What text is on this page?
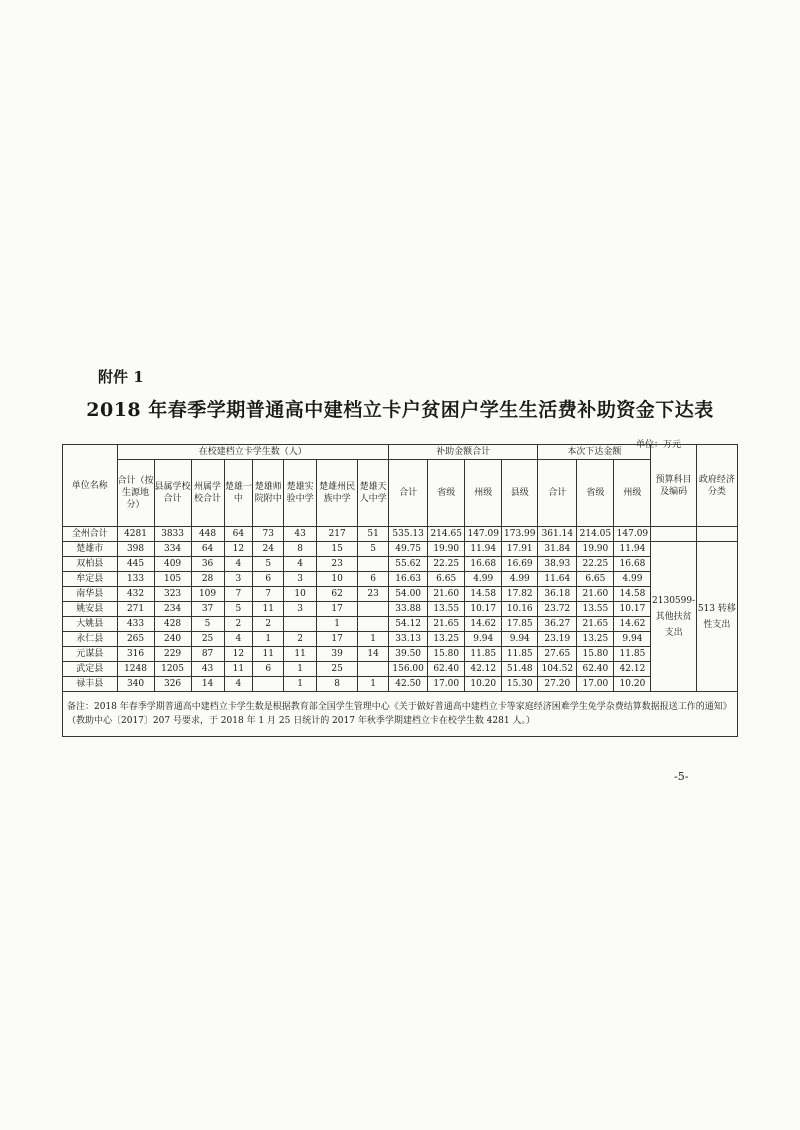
附件 1
2018 年春季学期普通高中建档立卡户贫困户学生生活费补助资金下达表
单位：万元
单位名称	在校建档立卡学生数（人）								补助金额合计				本次下达金额			预算科目及编码	政府经济分类
	合计（按生源地分）	县属学校合计	州属学校合计	楚雄一中	楚雄师院附中	楚雄实验中学	楚雄州民族中学	楚雄天人中学	合计	省级	州级	县级	合计	省级	州级		
全州合计	4281	3833	448	64	73	43	217	51	535.13	214.65	147.09	173.99	361.14	214.05	147.09		
楚雄市	398	334	64	12	24	8	15	5	49.75	19.90	11.94	17.91	31.84	19.90	11.94	2130599-其他扶贫支出	513 转移性支出
双柏县	445	409	36	4	5	4	23		55.62	22.25	16.68	16.69	38.93	22.25	16.68		
牟定县	133	105	28	3	6	3	10	6	16.63	6.65	4.99	4.99	11.64	6.65	4.99		
南华县	432	323	109	7	7	10	62	23	54.00	21.60	14.58	17.82	36.18	21.60	14.58		
姚安县	271	234	37	5	11	3	17		33.88	13.55	10.17	10.16	23.72	13.55	10.17		
大姚县	433	428	5	2	2		1		54.12	21.65	14.62	17.85	36.27	21.65	14.62		
永仁县	265	240	25	4	1	2	17	1	33.13	13.25	9.94	9.94	23.19	13.25	9.94		
元谋县	316	229	87	12	11	11	39	14	39.50	15.80	11.85	11.85	27.65	15.80	11.85		
武定县	1248	1205	43	11	6	1	25		156.00	62.40	42.12	51.48	104.52	62.40	42.12		
禄丰县	340	326	14	4		1	8	1	42.50	17.00	10.20	15.30	27.20	17.00	10.20		
备注：2018 年春季学期普通高中建档立卡学生数是根据教育部全国学生管理中心《关于做好普通高中建档立卡等家庭经济困难学生免学杂费结算数据报送工作的通知》（教助中心〔2017〕207 号要求，于 2018 年 1 月 25 日统计的 2017 年秋季学期建档立卡在校学生数 4281 人。）																	
-5-
